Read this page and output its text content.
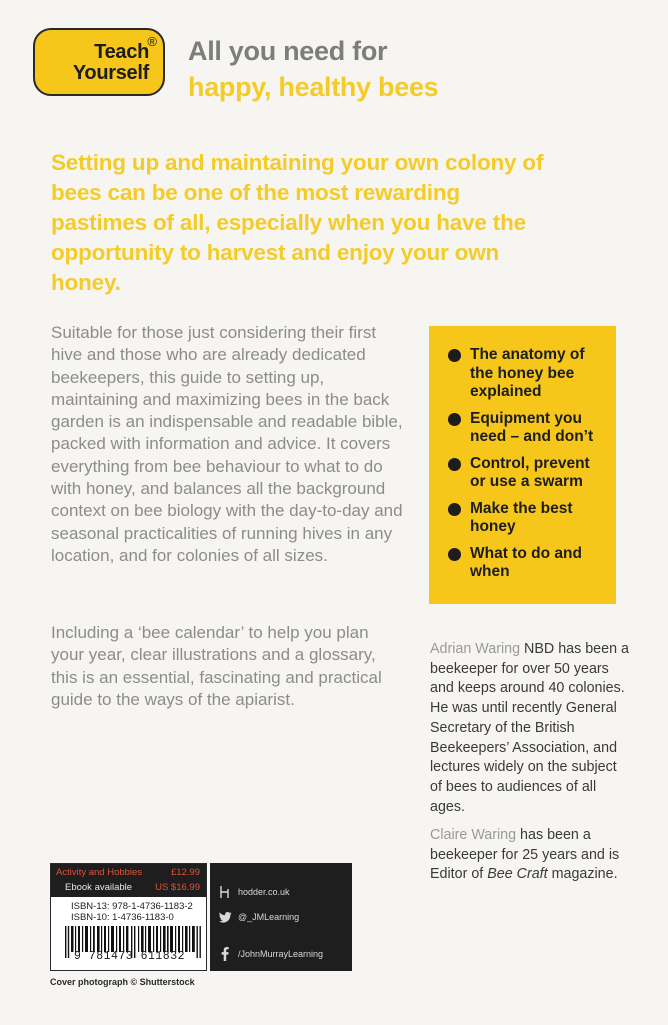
®
Teach
Yourself
All you need for
happy, healthy bees
Setting up and maintaining your own colony of bees can be one of the most rewarding pastimes of all, especially when you have the opportunity to harvest and enjoy your own honey.
Suitable for those just considering their first hive and those who are already dedicated beekeepers, this guide to setting up, maintaining and maximizing bees in the back garden is an indispensable and readable bible, packed with information and advice. It covers everything from bee behaviour to what to do with honey, and balances all the background context on bee biology with the day-to-day and seasonal practicalities of running hives in any location, and for colonies of all sizes.
Including a ‘bee calendar’ to help you plan your year, clear illustrations and a glossary, this is an essential, fascinating and practical guide to the ways of the apiarist.
The anatomy of the honey bee explained
Equipment you need – and don’t
Control, prevent or use a swarm
Make the best honey
What to do and when
Adrian Waring NBD has been a beekeeper for over 50 years and keeps around 40 colonies. He was until recently General Secretary of the British Beekeepers’ Association, and lectures widely on the subject of bees to audiences of all ages.
Claire Waring has been a beekeeper for 25 years and is Editor of Bee Craft magazine.
Activity and Hobbies	£12.99
Ebook available US $16.99
ISBN-13: 978-1-4736-1183-2
ISBN-10: 1-4736-1183-0
9 781473 611832
hodder.co.uk
@_JMLearning
/JohnMurrayLearning
Cover photograph © Shutterstock
